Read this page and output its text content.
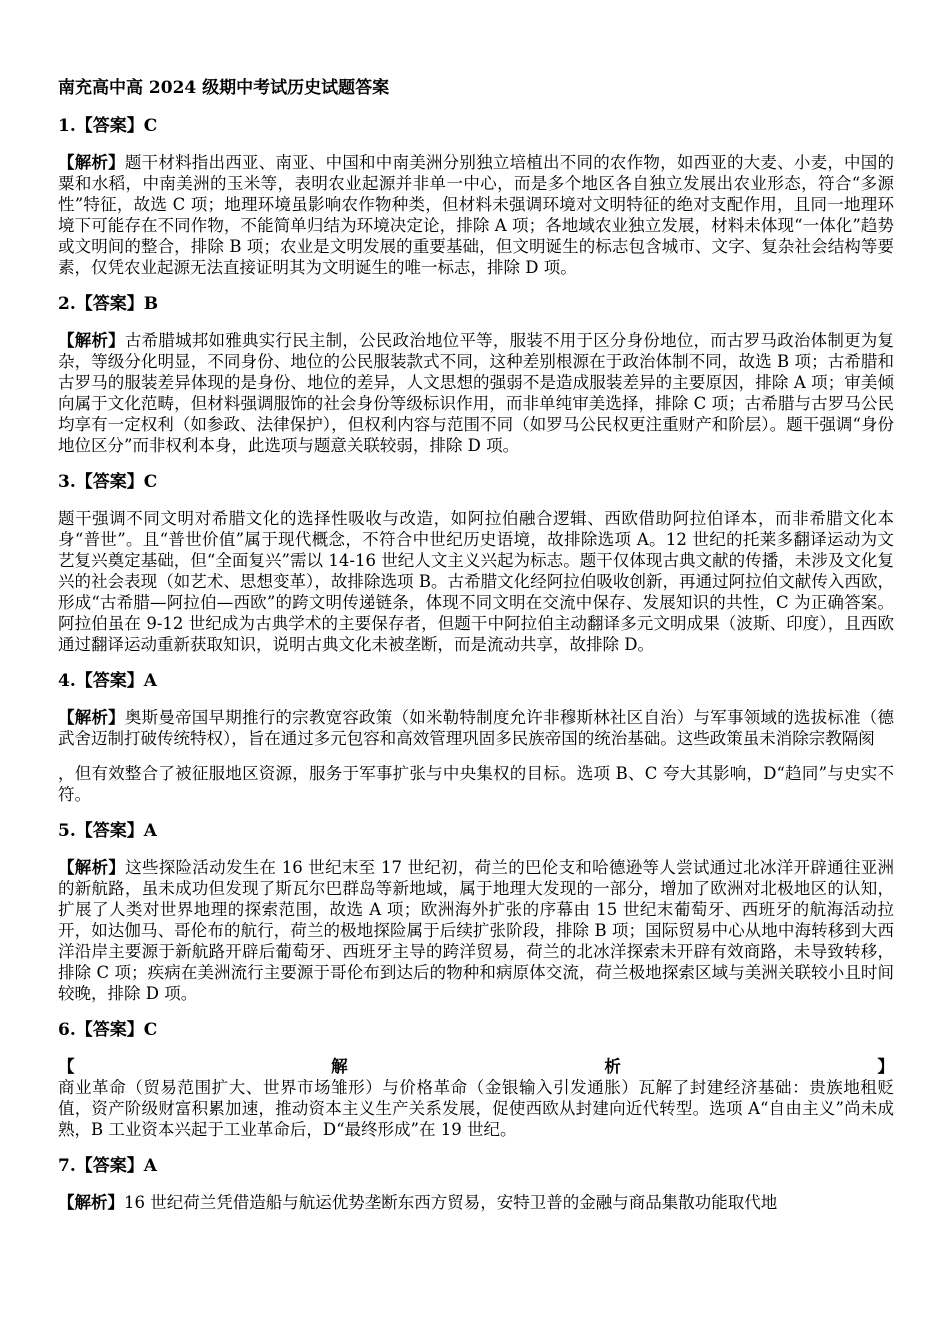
南充高中高 2024 级期中考试历史试题答案
1.【答案】C
【解析】题干材料指出西亚、南亚、中国和中南美洲分别独立培植出不同的农作物，如西亚的大麦、小麦，中国的粟和水稻，中南美洲的玉米等，表明农业起源并非单一中心，而是多个地区各自独立发展出农业形态，符合“多源性”特征，故选 C 项；地理环境虽影响农作物种类，但材料未强调环境对文明特征的绝对支配作用，且同一地理环境下可能存在不同作物，不能简单归结为环境决定论，排除 A 项；各地域农业独立发展，材料未体现“一体化”趋势或文明间的整合，排除 B 项；农业是文明发展的重要基础，但文明诞生的标志包含城市、文字、复杂社会结构等要素，仅凭农业起源无法直接证明其为文明诞生的唯一标志，排除 D 项。
2.【答案】B
【解析】古希腊城邦如雅典实行民主制，公民政治地位平等，服装不用于区分身份地位，而古罗马政治体制更为复杂，等级分化明显，不同身份、地位的公民服装款式不同，这种差别根源在于政治体制不同，故选 B 项；古希腊和古罗马的服装差异体现的是身份、地位的差异，人文思想的强弱不是造成服装差异的主要原因，排除 A 项；审美倾向属于文化范畴，但材料强调服饰的社会身份等级标识作用，而非单纯审美选择，排除 C 项；古希腊与古罗马公民均享有一定权利（如参政、法律保护），但权利内容与范围不同（如罗马公民权更注重财产和阶层）。题干强调“身份地位区分”而非权利本身，此选项与题意关联较弱，排除 D 项。
3.【答案】C
题干强调不同文明对希腊文化的选择性吸收与改造，如阿拉伯融合逻辑、西欧借助阿拉伯译本，而非希腊文化本身“普世”。且“普世价值”属于现代概念，不符合中世纪历史语境，故排除选项 A。12 世纪的托莱多翻译运动为文艺复兴奠定基础，但“全面复兴”需以 14-16 世纪人文主义兴起为标志。题干仅体现古典文献的传播，未涉及文化复兴的社会表现（如艺术、思想变革），故排除选项 B。古希腊文化经阿拉伯吸收创新，再通过阿拉伯文献传入西欧，形成“古希腊—阿拉伯—西欧”的跨文明传递链条，体现不同文明在交流中保存、发展知识的共性，C 为正确答案。阿拉伯虽在 9-12 世纪成为古典学术的主要保存者，但题干中阿拉伯主动翻译多元文明成果（波斯、印度），且西欧通过翻译运动重新获取知识，说明古典文化未被垄断，而是流动共享，故排除 D。
4.【答案】A
【解析】奥斯曼帝国早期推行的宗教宽容政策（如米勒特制度允许非穆斯林社区自治）与军事领域的选拔标准（德武舍迈制打破传统特权），旨在通过多元包容和高效管理巩固多民族帝国的统治基础。这些政策虽未消除宗教隔阂
，但有效整合了被征服地区资源，服务于军事扩张与中央集权的目标。选项 B、C 夸大其影响，D“趋同”与史实不符。
5.【答案】A
【解析】这些探险活动发生在 16 世纪末至 17 世纪初，荷兰的巴伦支和哈德逊等人尝试通过北冰洋开辟通往亚洲的新航路，虽未成功但发现了斯瓦尔巴群岛等新地域，属于地理大发现的一部分，增加了欧洲对北极地区的认知，扩展了人类对世界地理的探索范围，故选 A 项；欧洲海外扩张的序幕由 15 世纪末葡萄牙、西班牙的航海活动拉开，如达伽马、哥伦布的航行，荷兰的极地探险属于后续扩张阶段，排除 B 项；国际贸易中心从地中海转移到大西洋沿岸主要源于新航路开辟后葡萄牙、西班牙主导的跨洋贸易，荷兰的北冰洋探索未开辟有效商路，未导致转移，排除 C 项；疾病在美洲流行主要源于哥伦布到达后的物种和病原体交流，荷兰极地探索区域与美洲关联较小且时间较晚，排除 D 项。
6.【答案】C
【	解	析	】
商业革命（贸易范围扩大、世界市场雏形）与价格革命（金银输入引发通胀）瓦解了封建经济基础：贵族地租贬值，资产阶级财富积累加速，推动资本主义生产关系发展，促使西欧从封建向近代转型。选项 A“自由主义”尚未成熟，B 工业资本兴起于工业革命后，D“最终形成”在 19 世纪。
7.【答案】A
【解析】16 世纪荷兰凭借造船与航运优势垄断东西方贸易，安特卫普的金融与商品集散功能取代地
